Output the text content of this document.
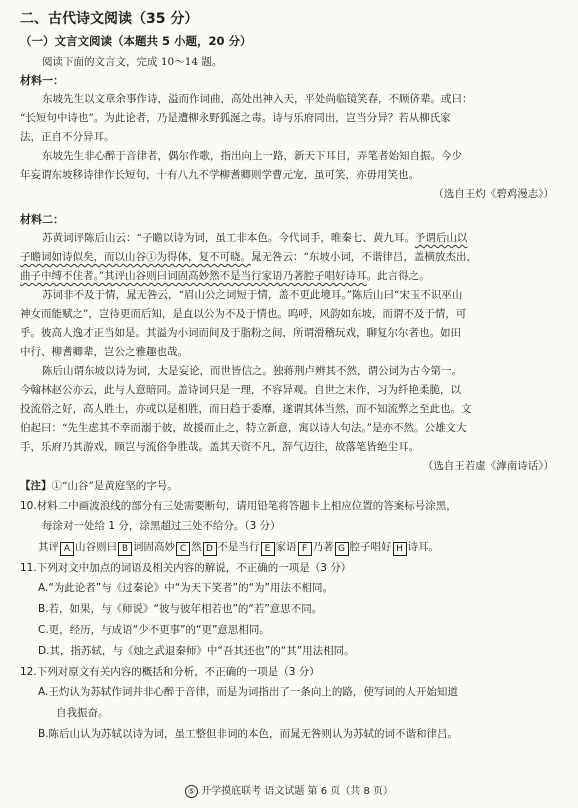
二、古代诗文阅读（35 分）
（一）文言文阅读（本题共 5 小题，20 分）
阅读下面的文言文，完成 10～14 题。
材料一：
东坡先生以文章余事作诗，溢而作词曲，高处出神入天，平处尚临镜笑春，不顾侪辈。或曰：
“长短句中诗也”。为此论者，乃是遭柳永野狐涎之毒。诗与乐府同出，岂当分异？若从柳氏家
法，正自不分异耳。
东坡先生非心醉于音律者，偶尔作歌，指出向上一路，新天下耳目，弄笔者始知自振。今少
年妄谓东坡移诗律作长短句，十有八九不学柳耆卿则学曹元宠，虽可笑，亦毋用笑也。
（选自王灼《碧鸡漫志》）
材料二：
苏黄词评陈后山云：“子瞻以诗为词，虽工非本色。今代词手，唯秦七、黄九耳。予谓后山以
子瞻词如诗似矣，而以山谷①为得体，复不可晓。晁无咎云：“东坡小词，不谐律吕，盖横放杰出，
曲子中缚不住者。”其评山谷则曰词固高妙然不是当行家语乃著腔子唱好诗耳。此言得之。
苏词非不及于情，晁无咎云，“眉山公之词短于情，盖不更此境耳。”陈后山曰“宋玉不识巫山
神女而能赋之”，岂待更而后知，是直以公为不及于情也。呜呼，风韵如东坡，而谓不及于情，可
乎。彼高人逸才正当如是。其溢为小词而间及于脂粉之间，所谓滑稽玩戏，聊复尔尔者也。如田
中行、柳耆卿辈，岂公之雅趣也哉。
陈后山谓东坡以诗为词，大是妄论，而世皆信之。独蒋荆卢辨其不然，谓公词为古今第一。
今翰林赵公亦云，此与人意暗同。盖诗词只是一理，不容异观。自世之末作，习为纤艳柔脆，以
投流俗之好，高人胜士，亦或以是相胜，而日趋于委靡，遂谓其体当然，而不知流弊之至此也。文
伯起曰：“先生虑其不幸而溺于彼，故援而止之，特立新意，寓以诗人句法。”是亦不然。公雄文大
手，乐府乃其游戏，顾岂与流俗争胜哉。盖其天资不凡，辞气迈往，故落笔皆绝尘耳。
（选自王若虚《滹南诗话》）
【注】①“山谷”是黄庭坚的字号。
10.材料二中画波浪线的部分有三处需要断句，请用铅笔将答题卡上相应位置的答案标号涂黑，
每涂对一处给 1 分，涂黑超过三处不给分。（3 分）
其评 A 山谷则曰 B 词固高妙 C 然 D 不是当行 E 家语 F 乃著 G 腔子唱好 H 诗耳。
11.下列对文中加点的词语及相关内容的解说，不正确的一项是（3 分）
A.“为此论者”与《过秦论》中“为天下笑者”的“为”用法不相同。
B.若，如果，与《师说》“彼与彼年相若也”的“若”意思不同。
C.更，经历，与成语“少不更事”的“更”意思相同。
D.其，指苏轼，与《烛之武退秦师》中“吾其还也”的“其”用法相同。
12.下列对原文有关内容的概括和分析，不正确的一项是（3 分）
A.王灼认为苏轼作词并非心醉于音律，而是为词指出了一条向上的路，使写词的人开始知道
自我振奋。
B.陈后山认为苏轼以诗为词，虽工整但非词的本色，而晁无咎则认为苏轼的词不谐和律吕。
⑤ 开学摸底联考 语文试题 第 6 页（共 8 页）
